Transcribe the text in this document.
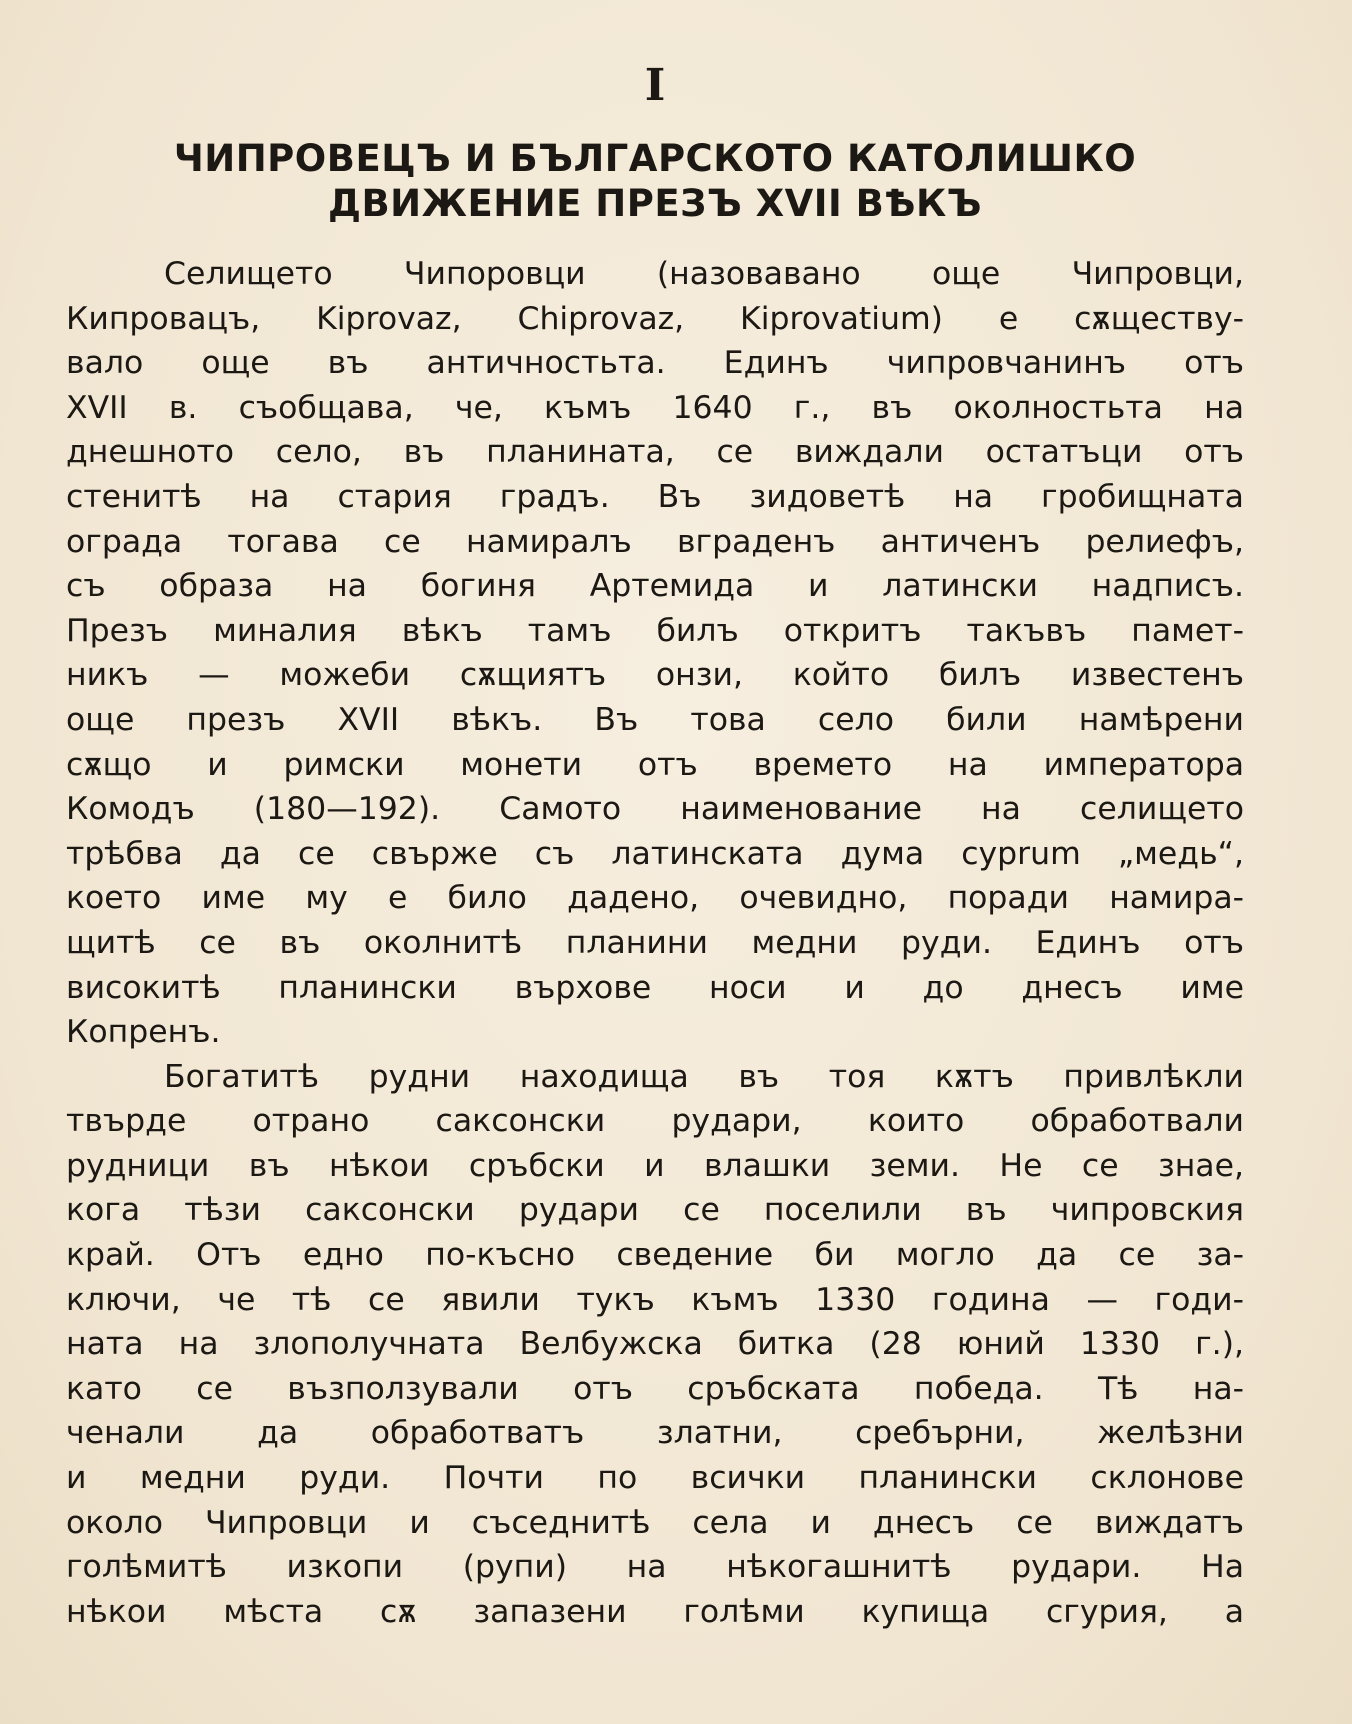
I
ЧИПРОВЕЦЪ И БЪЛГАРСКОТО КАТОЛИШКО
ДВИЖЕНИЕ ПРЕЗЪ XVII ВѢКЪ
Селището Чипоровци (назовавано още Чипровци,
Кипровацъ, Kiprovaz, Chiprovaz, Kiprovatium) е сѫществу-
вало още въ античностьта. Единъ чипровчанинъ отъ
XVII в. съобщава, че, къмъ 1640 г., въ околностьта на
днешното село, въ планината, се виждали остатъци отъ
стенитѣ на стария градъ. Въ зидоветѣ на гробищната
ограда тогава се намиралъ вграденъ античенъ релиефъ,
съ образа на богиня Артемида и латински надписъ.
Презъ миналия вѣкъ тамъ билъ откритъ такъвъ памет-
никъ — можеби сѫщиятъ онзи, който билъ известенъ
още презъ XVII вѣкъ. Въ това село били намѣрени
сѫщо и римски монети отъ времето на императора
Комодъ (180—192). Самото наименование на селището
трѣбва да се свърже съ латинската дума cyprum „медь“,
което име му е било дадено, очевидно, поради намира-
щитѣ се въ околнитѣ планини медни руди. Единъ отъ
високитѣ планински върхове носи и до днесъ име
Копренъ.
Богатитѣ рудни находища въ тоя кѫтъ привлѣкли
твърде отрано саксонски рудари, които обработвали
рудници въ нѣкои сръбски и влашки земи. Не се знае,
кога тѣзи саксонски рудари се поселили въ чипровския
край. Отъ едно по-късно сведение би могло да се за-
ключи, че тѣ се явили тукъ къмъ 1330 година — годи-
ната на злополучната Велбужска битка (28 юний 1330 г.),
като се възползували отъ сръбската победа. Тѣ на-
ченали да обработватъ златни, сребърни, желѣзни
и медни руди. Почти по всички планински склонове
около Чипровци и съседнитѣ села и днесъ се виждатъ
голѣмитѣ изкопи (рупи) на нѣкогашнитѣ рудари. На
нѣкои мѣста сѫ запазени голѣми купища сгурия, а
